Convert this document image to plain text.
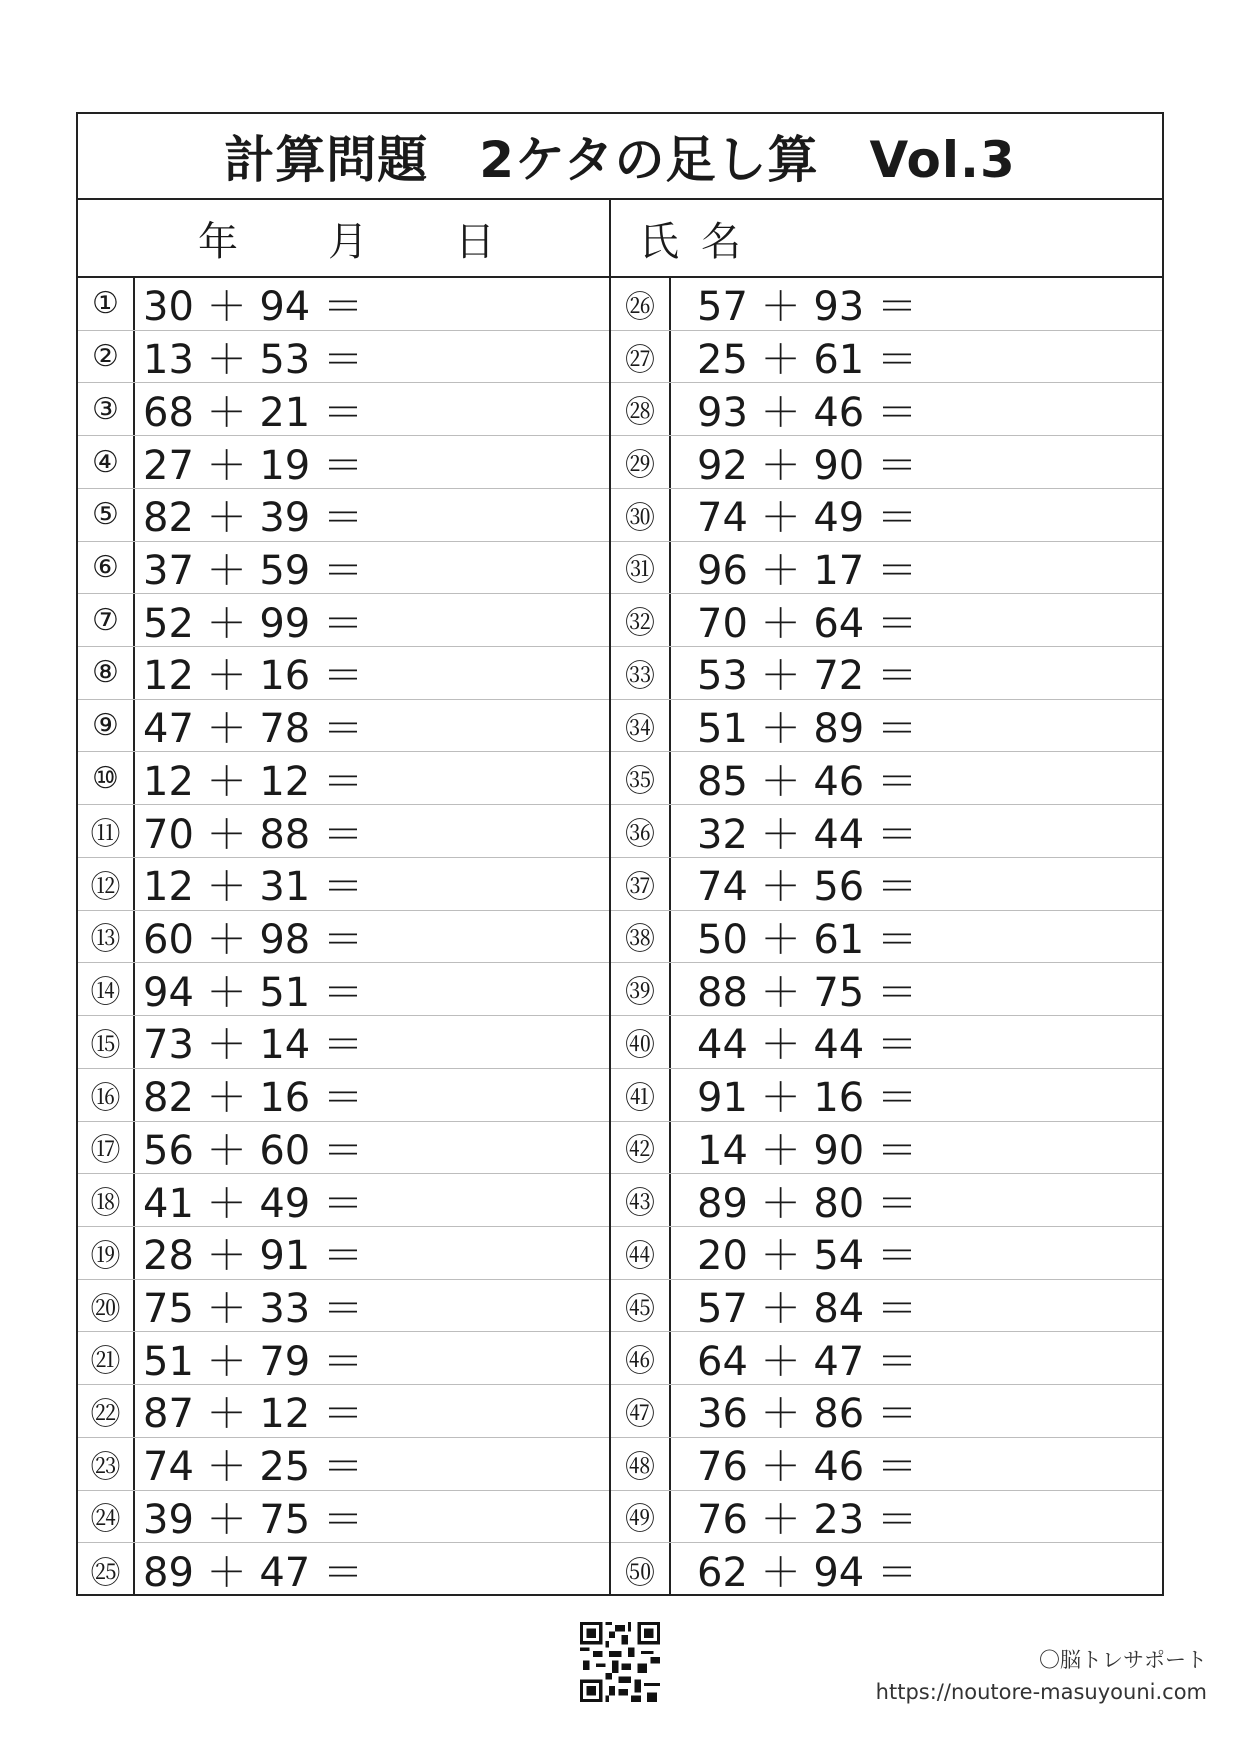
計算問題　2ケタの足し算　Vol.3
年 月 日	氏 名
① 30 ＋ 94 ＝
② 13 ＋ 53 ＝
③ 68 ＋ 21 ＝
④ 27 ＋ 19 ＝
⑤ 82 ＋ 39 ＝
⑥ 37 ＋ 59 ＝
⑦ 52 ＋ 99 ＝
⑧ 12 ＋ 16 ＝
⑨ 47 ＋ 78 ＝
⑩ 12 ＋ 12 ＝
⑪ 70 ＋ 88 ＝
⑫ 12 ＋ 31 ＝
⑬ 60 ＋ 98 ＝
⑭ 94 ＋ 51 ＝
⑮ 73 ＋ 14 ＝
⑯ 82 ＋ 16 ＝
⑰ 56 ＋ 60 ＝
⑱ 41 ＋ 49 ＝
⑲ 28 ＋ 91 ＝
⑳ 75 ＋ 33 ＝
㉑ 51 ＋ 79 ＝
㉒ 87 ＋ 12 ＝
㉓ 74 ＋ 25 ＝
㉔ 39 ＋ 75 ＝
㉕ 89 ＋ 47 ＝
㉖	57 ＋ 93 ＝
㉗	25 ＋ 61 ＝
㉘	93 ＋ 46 ＝
㉙	92 ＋ 90 ＝
㉚	74 ＋ 49 ＝
㉛	96 ＋ 17 ＝
㉜	70 ＋ 64 ＝
㉝	53 ＋ 72 ＝
㉞	51 ＋ 89 ＝
㉟	85 ＋ 46 ＝
㊱	32 ＋ 44 ＝
㊲	74 ＋ 56 ＝
㊳	50 ＋ 61 ＝
㊴	88 ＋ 75 ＝
㊵	44 ＋ 44 ＝
㊶	91 ＋ 16 ＝
㊷	14 ＋ 90 ＝
㊸	89 ＋ 80 ＝
㊹	20 ＋ 54 ＝
㊺	57 ＋ 84 ＝
㊻	64 ＋ 47 ＝
㊼	36 ＋ 86 ＝
㊽	76 ＋ 46 ＝
㊾	76 ＋ 23 ＝
㊿	62 ＋ 94 ＝
〇脳トレサポート
https://noutore-masuyouni.com
